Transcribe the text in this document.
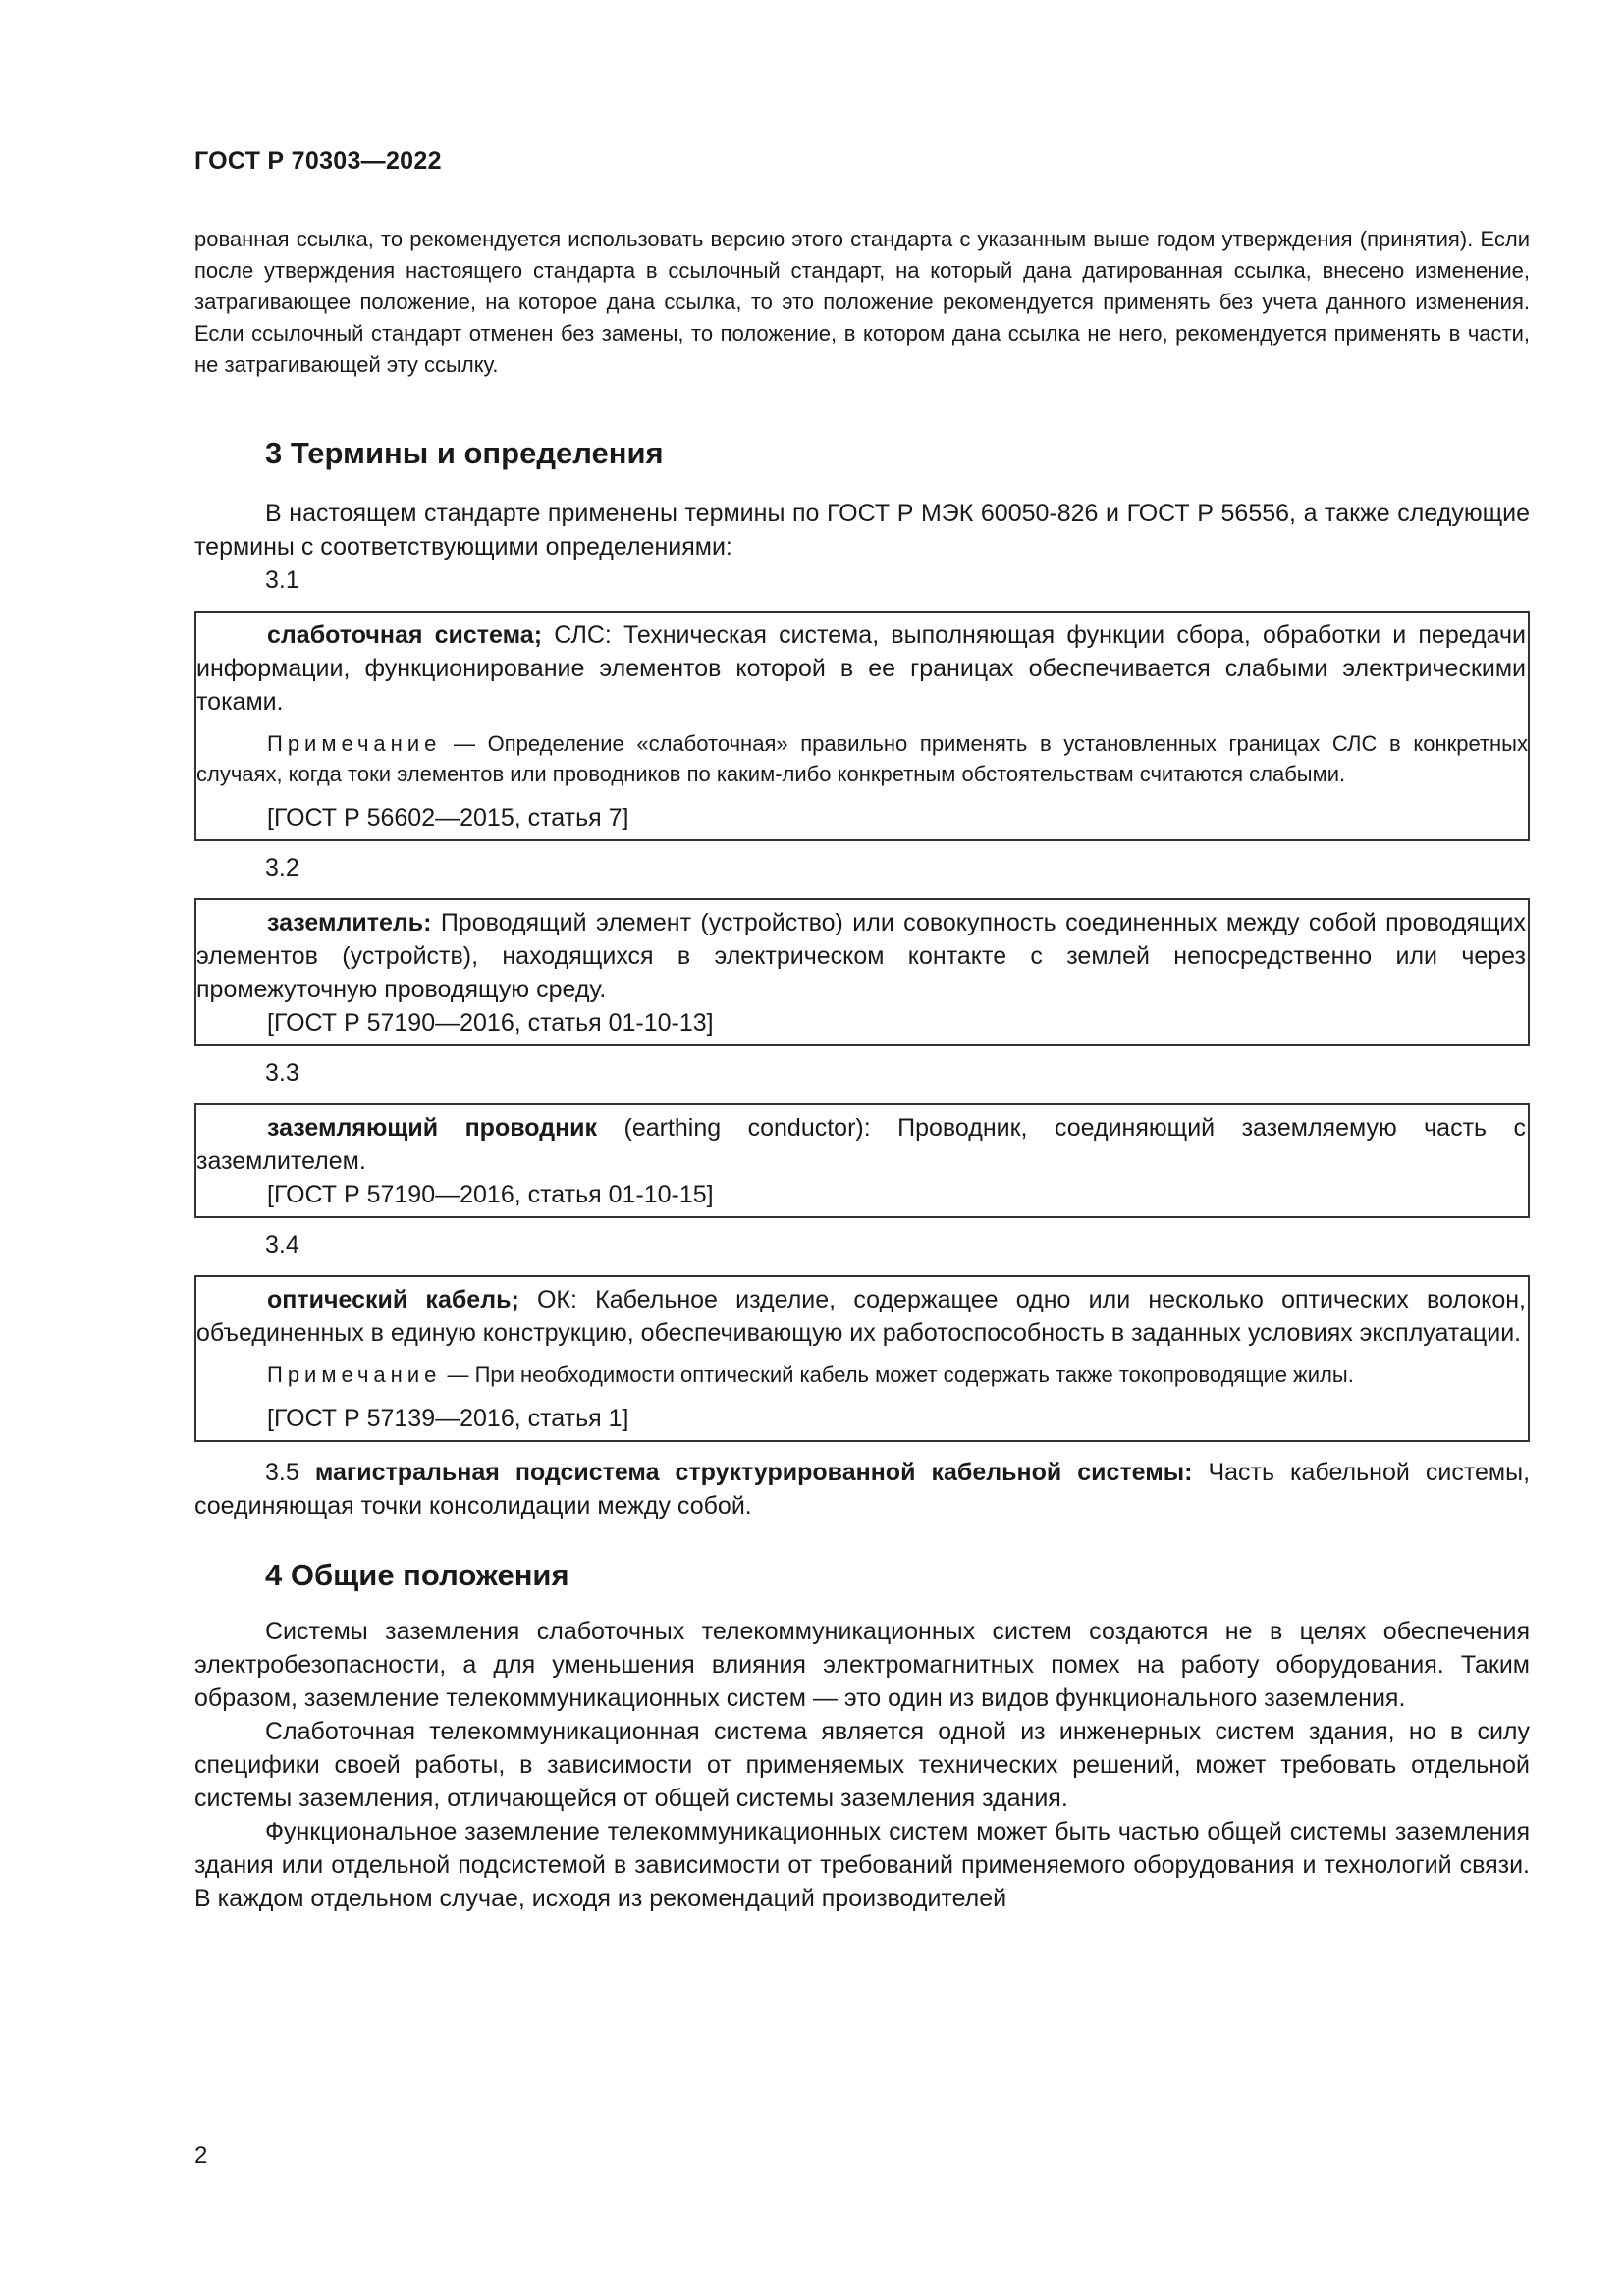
ГОСТ Р 70303—2022

рованная ссылка, то рекомендуется использовать версию этого стандарта с указанным выше годом утверждения (принятия). Если после утверждения настоящего стандарта в ссылочный стандарт, на который дана датированная ссылка, внесено изменение, затрагивающее положение, на которое дана ссылка, то это положение рекомендуется применять без учета данного изменения. Если ссылочный стандарт отменен без замены, то положение, в котором дана ссылка не него, рекомендуется применять в части, не затрагивающей эту ссылку.

3 Термины и определения

В настоящем стандарте применены термины по ГОСТ Р МЭК 60050-826 и ГОСТ Р 56556, а также следующие термины с соответствующими определениями:

3.1

слаботочная система; СЛС: Техническая система, выполняющая функции сбора, обработки и передачи информации, функционирование элементов которой в ее границах обеспечивается слабыми электрическими токами.

Примечание — Определение «слаботочная» правильно применять в установленных границах СЛС в конкретных случаях, когда токи элементов или проводников по каким-либо конкретным обстоятельствам считаются слабыми.

[ГОСТ Р 56602—2015, статья 7]

3.2

заземлитель: Проводящий элемент (устройство) или совокупность соединенных между собой проводящих элементов (устройств), находящихся в электрическом контакте с землей непосредственно или через промежуточную проводящую среду.

[ГОСТ Р 57190—2016, статья 01-10-13]

3.3

заземляющий проводник (earthing conductor): Проводник, соединяющий заземляемую часть с заземлителем.

[ГОСТ Р 57190—2016, статья 01-10-15]

3.4

оптический кабель; ОК: Кабельное изделие, содержащее одно или несколько оптических волокон, объединенных в единую конструкцию, обеспечивающую их работоспособность в заданных условиях эксплуатации.

Примечание — При необходимости оптический кабель может содержать также токопроводящие жилы.

[ГОСТ Р 57139—2016, статья 1]

3.5 магистральная подсистема структурированной кабельной системы: Часть кабельной системы, соединяющая точки консолидации между собой.

4 Общие положения

Системы заземления слаботочных телекоммуникационных систем создаются не в целях обеспечения электробезопасности, а для уменьшения влияния электромагнитных помех на работу оборудования. Таким образом, заземление телекоммуникационных систем — это один из видов функционального заземления.

Слаботочная телекоммуникационная система является одной из инженерных систем здания, но в силу специфики своей работы, в зависимости от применяемых технических решений, может требовать отдельной системы заземления, отличающейся от общей системы заземления здания.

Функциональное заземление телекоммуникационных систем может быть частью общей системы заземления здания или отдельной подсистемой в зависимости от требований применяемого оборудования и технологий связи. В каждом отдельном случае, исходя из рекомендаций производителей

2
